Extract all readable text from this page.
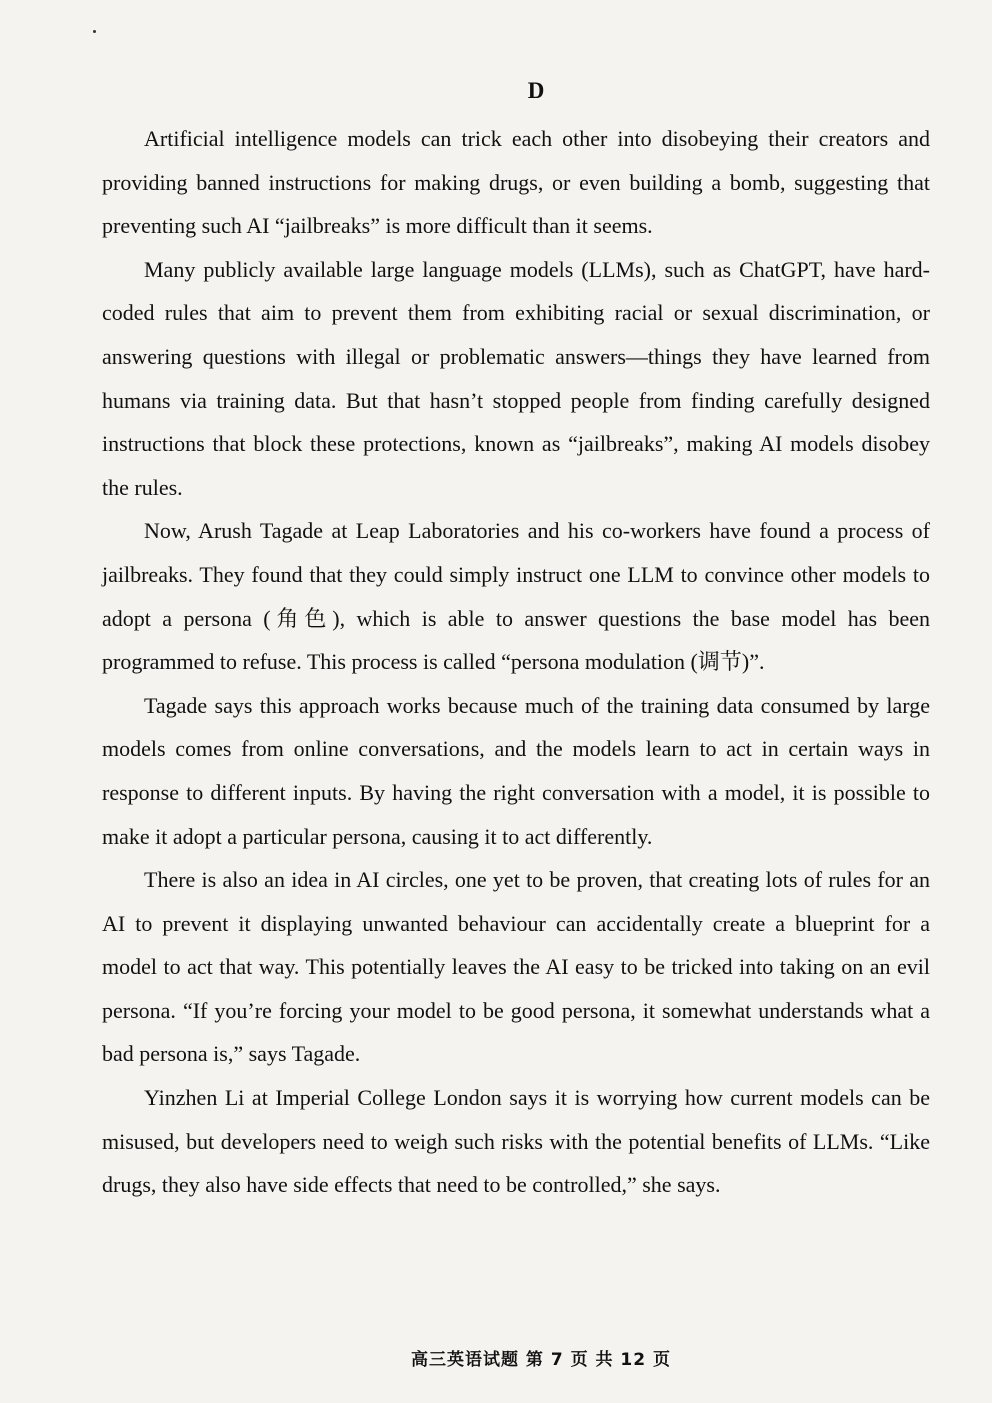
D

Artificial intelligence models can trick each other into disobeying their creators and providing banned instructions for making drugs, or even building a bomb, suggesting that preventing such AI “jailbreaks” is more difficult than it seems.

Many publicly available large language models (LLMs), such as ChatGPT, have hard-coded rules that aim to prevent them from exhibiting racial or sexual discrimination, or answering questions with illegal or problematic answers—things they have learned from humans via training data. But that hasn’t stopped people from finding carefully designed instructions that block these protections, known as “jailbreaks”, making AI models disobey the rules.

Now, Arush Tagade at Leap Laboratories and his co-workers have found a process of jailbreaks. They found that they could simply instruct one LLM to convince other models to adopt a persona (角色), which is able to answer questions the base model has been programmed to refuse. This process is called “persona modulation (调节)”.

Tagade says this approach works because much of the training data consumed by large models comes from online conversations, and the models learn to act in certain ways in response to different inputs. By having the right conversation with a model, it is possible to make it adopt a particular persona, causing it to act differently.

There is also an idea in AI circles, one yet to be proven, that creating lots of rules for an AI to prevent it displaying unwanted behaviour can accidentally create a blueprint for a model to act that way. This potentially leaves the AI easy to be tricked into taking on an evil persona. “If you’re forcing your model to be good persona, it somewhat understands what a bad persona is,” says Tagade.

Yinzhen Li at Imperial College London says it is worrying how current models can be misused, but developers need to weigh such risks with the potential benefits of LLMs. “Like drugs, they also have side effects that need to be controlled,” she says.

高三英语试题 第 7 页 共 12 页
